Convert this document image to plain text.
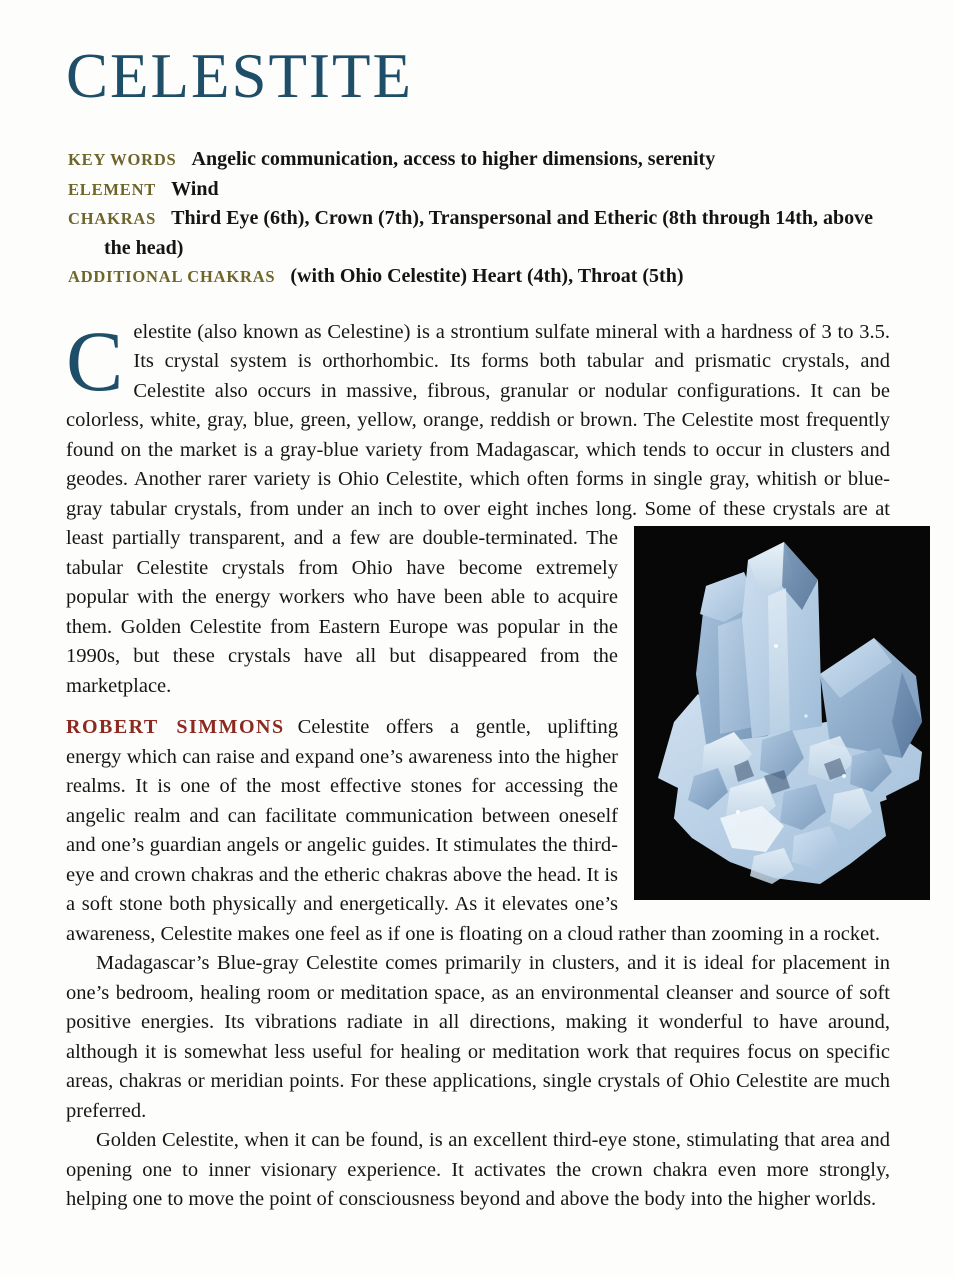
CELESTITE
KEY WORDS Angelic communication, access to higher dimensions, serenity
ELEMENT Wind
CHAKRAS Third Eye (6th), Crown (7th), Transpersonal and Etheric (8th through 14th, above the head)
ADDITIONAL CHAKRAS (with Ohio Celestite) Heart (4th), Throat (5th)
Celestite (also known as Celestine) is a strontium sulfate mineral with a hardness of 3 to 3.5. Its crystal system is orthorhombic. Its forms both tabular and prismatic crystals, and Celestite also occurs in massive, fibrous, granular or nodular configurations. It can be colorless, white, gray, blue, green, yellow, orange, reddish or brown. The Celestite most frequently found on the market is a gray-blue variety from Madagascar, which tends to occur in clusters and geodes. Another rarer variety is Ohio Celestite, which often forms in single gray, whitish or blue-gray tabular crystals, from under an inch to over eight inches long. Some of these crystals are at least partially transparent, and a few are double-terminated. The
tabular Celestite crystals from Ohio have become extremely popular with the energy workers who have been able to acquire them. Golden Celestite from Eastern Europe was popular in the 1990s, but these crystals have all but disappeared from the marketplace.
ROBERT SIMMONS Celestite offers a gentle, uplifting energy which can raise and expand one’s awareness into the higher realms. It is one of the most effective stones for accessing the angelic realm and can facilitate communication between oneself and one’s guardian angels or angelic guides. It stimulates the third-eye and crown chakras and the etheric chakras above the head. It is a soft stone both physically and energetically. As it elevates one’s awareness, Celestite makes one feel as if one is floating on a cloud rather than zooming in a rocket.
Madagascar’s Blue-gray Celestite comes primarily in clusters, and it is ideal for placement in one’s bedroom, healing room or meditation space, as an environmental cleanser and source of soft positive energies. Its vibrations radiate in all directions, making it wonderful to have around, although it is somewhat less useful for healing or meditation work that requires focus on specific areas, chakras or meridian points. For these applications, single crystals of Ohio Celestite are much preferred.
Golden Celestite, when it can be found, is an excellent third-eye stone, stimulating that area and opening one to inner visionary experience. It activates the crown chakra even more strongly, helping one to move the point of consciousness beyond and above the body into the higher worlds.
